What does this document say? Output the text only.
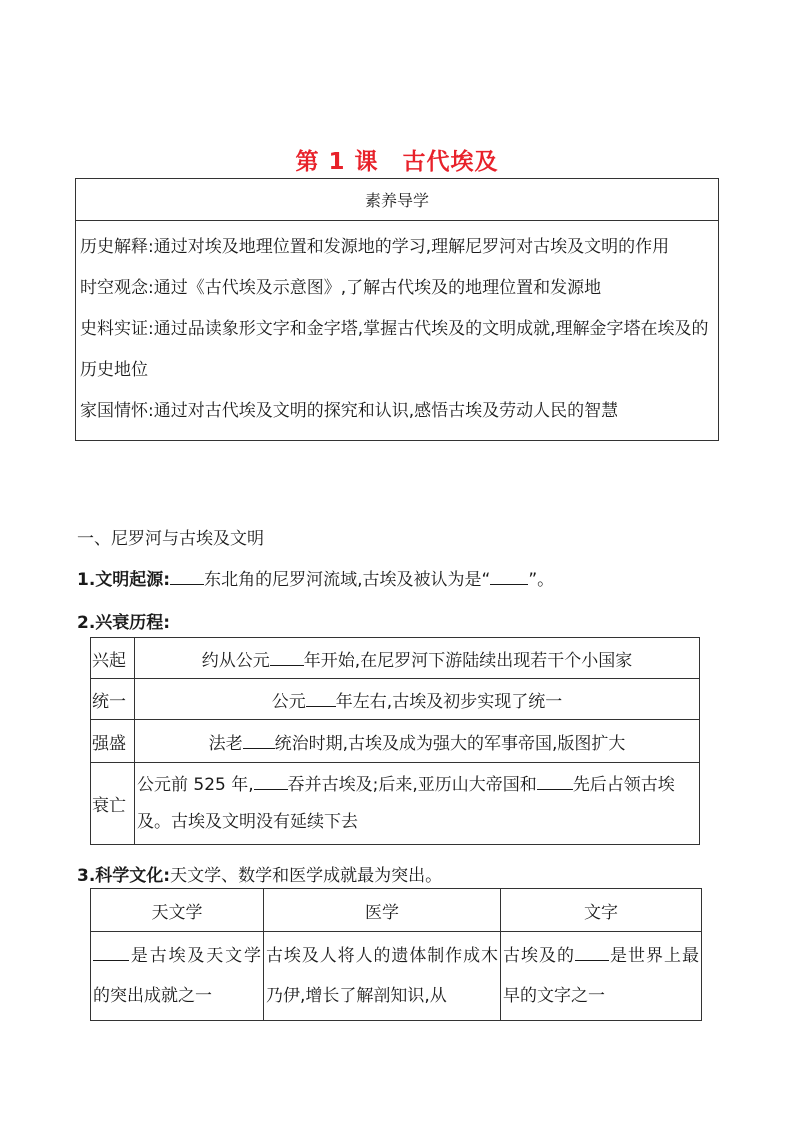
第 1 课 古代埃及
素养导学

历史解释:通过对埃及地理位置和发源地的学习,理解尼罗河对古埃及文明的作用

时空观念:通过《古代埃及示意图》,了解古代埃及的地理位置和发源地

史料实证:通过品读象形文字和金字塔,掌握古代埃及的文明成就,理解金字塔在埃及的历史地位

家国情怀:通过对古代埃及文明的探究和认识,感悟古埃及劳动人民的智慧

一、尼罗河与古埃及文明
1.文明起源: 东北角的尼罗河流域,古埃及被认为是“ ”。
2.兴衰历程:
兴起	约从公元 年开始,在尼罗河下游陆续出现若干个小国家
统一	公元 年左右,古埃及初步实现了统一
强盛	法老 统治时期,古埃及成为强大的军事帝国,版图扩大
衰亡	公元前 525 年, 吞并古埃及;后来,亚历山大帝国和 先后占领古埃及。古埃及文明没有延续下去
3.科学文化:天文学、数学和医学成就最为突出。
天文学	医学	文字
是古埃及天文学的突出成就之一	古埃及人将人的遗体制作成木乃伊,增长了解剖知识,从	古埃及的 是世界上最早的文字之一
